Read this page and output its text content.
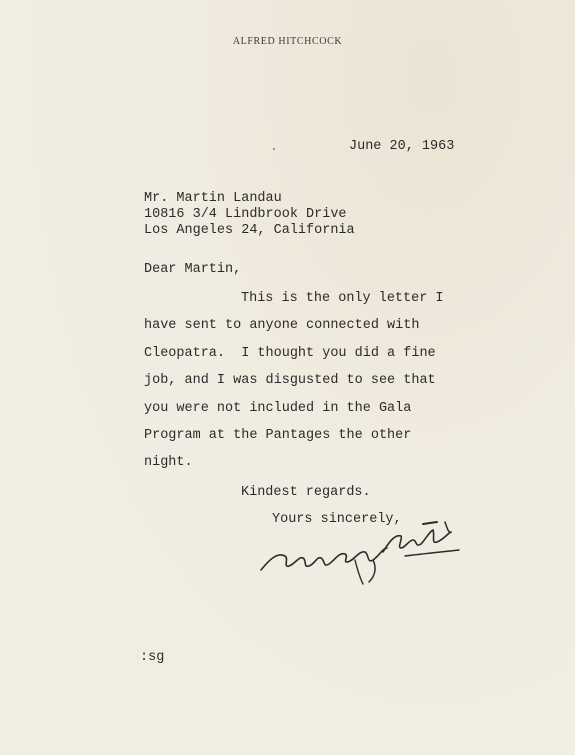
ALFRED HITCHCOCK
June 20, 1963
Mr. Martin Landau
10816 3/4 Lindbrook Drive
Los Angeles 24, California
Dear Martin,
This is the only letter I
have sent to anyone connected with
Cleopatra.  I thought you did a fine
job, and I was disgusted to see that
you were not included in the Gala
Program at the Pantages the other
night.
Kindest regards.
Yours sincerely,
:sg
